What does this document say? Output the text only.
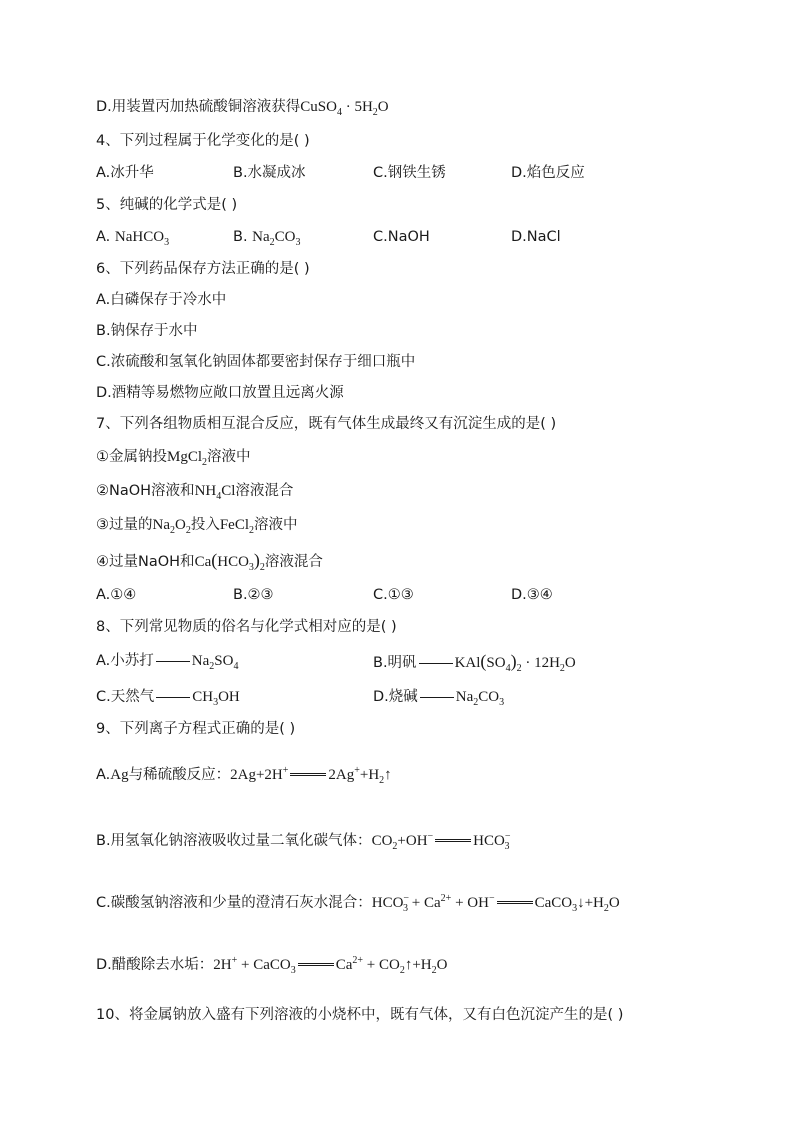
D.用装置丙加热硫酸铜溶液获得CuSO$_4$ · $5H_2O$
4、下列过程属于化学变化的是( )
A.冰升华	B.水凝成冰	C.钢铁生锈	D.焰色反应
5、纯碱的化学式是( )
A. NaHCO$_3$	B. $Na_2CO_3$	C.NaOH	D.NaCl
6、下列药品保存方法正确的是( )
A.白磷保存于冷水中
B.钠保存于水中
C.浓硫酸和氢氧化钠固体都要密封保存于细口瓶中
D.酒精等易燃物应敞口放置且远离火源
7、下列各组物质相互混合反应，既有气体生成最终又有沉淀生成的是( )
①金属钠投MgCl$_2$溶液中
②NaOH溶液和$NH_4Cl$溶液混合
③过量的$Na_2O_2$投入FeCl$_2$溶液中
④过量NaOH和$Ca(HCO_3)_2$溶液混合
A.①④	B.②③	C.①③	D.③④
8、下列常见物质的俗名与化学式相对应的是( )
A.小苏打	$Na_2SO_4$	B.明矾	$KAl(SO_4)_2 \cdot 12H_2O$
C.天然气	$CH_3OH$	D.烧碱	$Na_2CO_3$
9、下列离子方程式正确的是( )
A.Ag与稀硫酸反应：2Ag+2H+	$2Ag^++H_2↑$
B.用氢氧化钠溶液吸收过量二氧化碳气体：$CO_2+OH^-$	$HCO^-_3$
C.碳酸氢钠溶液和少量的澄清石灰水混合：$HCO^-_3 + Ca^{2+} + OH^-$	$CaCO_3↓+H_2O$
D.醋酸除去水垢：2H+ + CaCO$_3$	$Ca^{2+}$ + $CO_2↑+H_2O$
10、将金属钠放入盛有下列溶液的小烧杯中，既有气体，又有白色沉淀产生的是( )
